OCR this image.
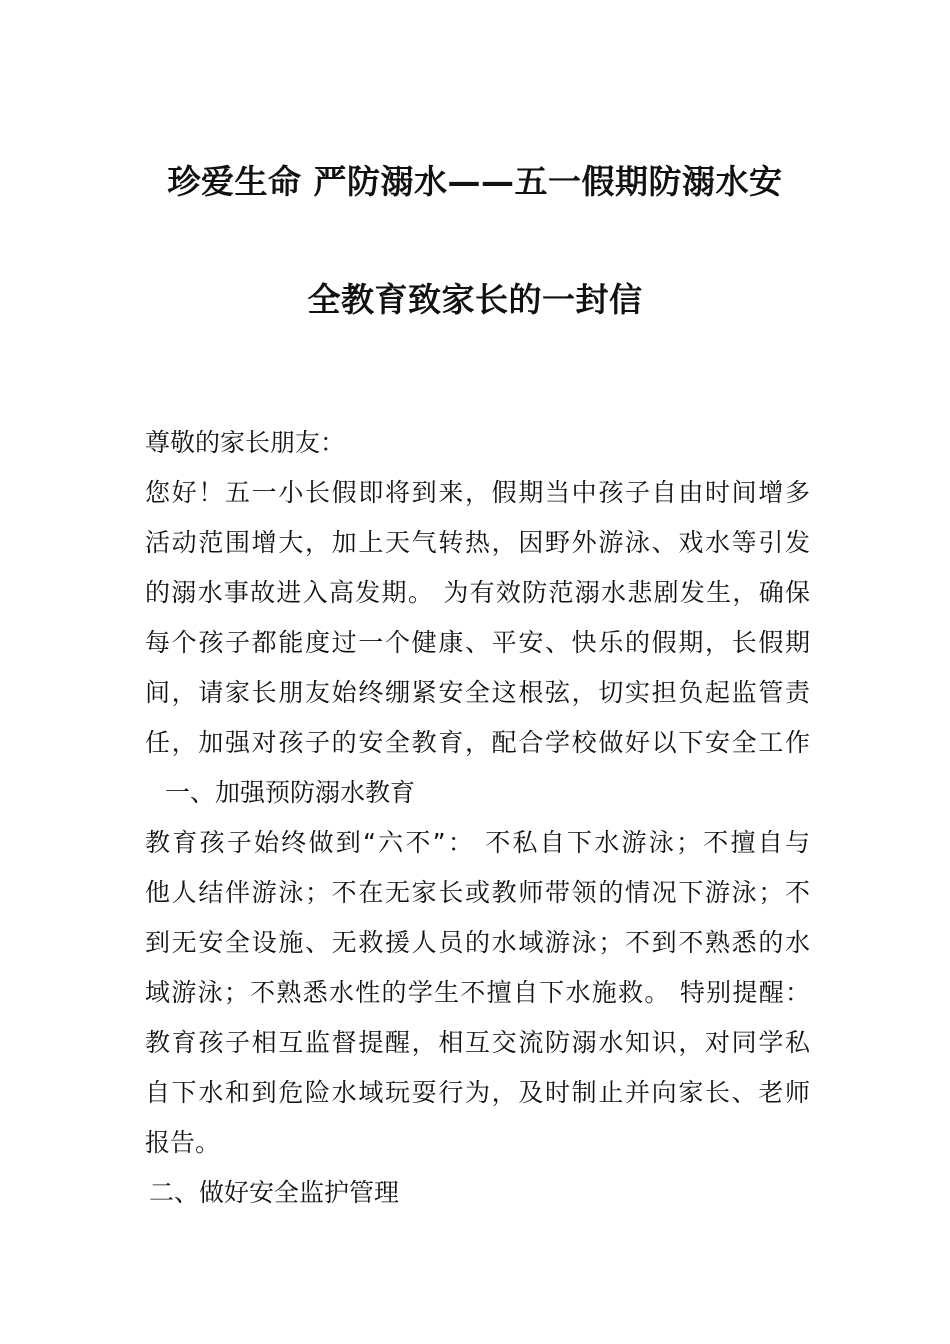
珍爱生命 严防溺水——五一假期防溺水安
全教育致家长的一封信

尊敬的家长朋友：

您好！五一小长假即将到来，假期当中孩子自由时间增多

活动范围增大，加上天气转热，因野外游泳、戏水等引发

的溺水事故进入高发期。 为有效防范溺水悲剧发生，确保

每个孩子都能度过一个健康、平安、快乐的假期，长假期

间，请家长朋友始终绷紧安全这根弦，切实担负起监管责

任，加强对孩子的安全教育，配合学校做好以下安全工作

一、加强预防溺水教育

教育孩子始终做到“六不”： 不私自下水游泳；不擅自与

他人结伴游泳；不在无家长或教师带领的情况下游泳；不

到无安全设施、无救援人员的水域游泳；不到不熟悉的水

域游泳；不熟悉水性的学生不擅自下水施救。 特别提醒：

教育孩子相互监督提醒，相互交流防溺水知识，对同学私

自下水和到危险水域玩耍行为，及时制止并向家长、老师

报告。

二、做好安全监护管理
